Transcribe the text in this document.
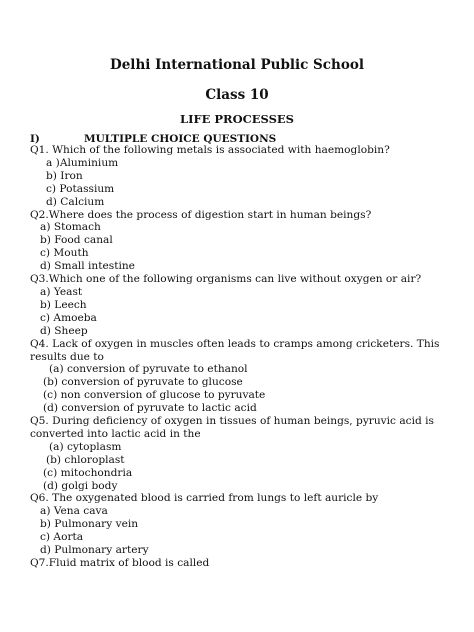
Delhi International Public School
Class 10
LIFE PROCESSES
I)	MULTIPLE CHOICE QUESTIONS
Q1. Which of the following metals is associated with haemoglobin?
a )Aluminium
b) Iron
c) Potassium
d) Calcium
Q2.Where does the process of digestion start in human beings?
a) Stomach
b) Food canal
c) Mouth
d) Small intestine
Q3.Which one of the following organisms can live without oxygen or air?
a) Yeast
b) Leech
c) Amoeba
d) Sheep
Q4. Lack of oxygen in muscles often leads to cramps among cricketers. This
results due to
(a) conversion of pyruvate to ethanol
(b) conversion of pyruvate to glucose
(c) non conversion of glucose to pyruvate
(d) conversion of pyruvate to lactic acid
Q5. During deficiency of oxygen in tissues of human beings, pyruvic acid is
converted into lactic acid in the
(a) cytoplasm
(b) chloroplast
(c) mitochondria
(d) golgi body
Q6. The oxygenated blood is carried from lungs to left auricle by
a) Vena cava
b) Pulmonary vein
c) Aorta
d) Pulmonary artery
Q7.Fluid matrix of blood is called
